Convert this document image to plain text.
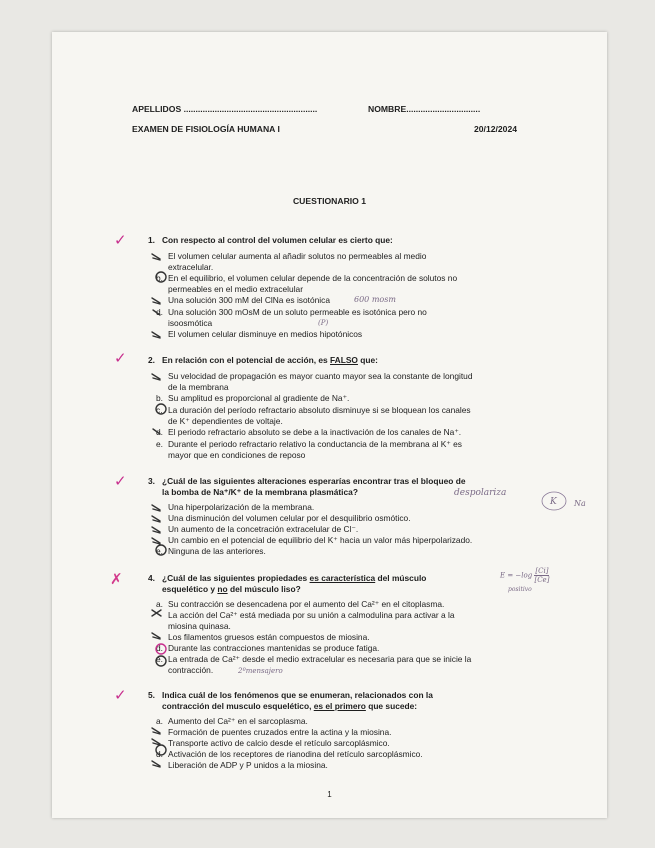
APELLIDOS ........................................................	NOMBRE...............................
EXAMEN DE FISIOLOGÍA HUMANA I	20/12/2024
CUESTIONARIO 1
✓	1. Con respecto al control del volumen celular es cierto que:
El volumen celular aumenta al añadir solutos no permeables al medio
extracelular.
b. En el equilibrio, el volumen celular depende de la concentración de solutos no
permeables en el medio extracelular
Una solución 300 mM del ClNa es isotónica
d. Una solución 300 mOsM de un soluto permeable es isotónica pero no
isoosmótica
El volumen celular disminuye en medios hipotónicos
600 mosm
(P)
✓	2. En relación con el potencial de acción, es FALSO que:
Su velocidad de propagación es mayor cuanto mayor sea la constante de longitud
de la membrana
b. Su amplitud es proporcional al gradiente de Na⁺.
c. La duración del período refractario absoluto disminuye si se bloquean los canales
de K⁺ dependientes de voltaje.
d. El periodo refractario absoluto se debe a la inactivación de los canales de Na⁺.
e. Durante el periodo refractario relativo la conductancia de la membrana al K⁺ es
mayor que en condiciones de reposo
✓	3. ¿Cuál de las siguientes alteraciones esperarías encontrar tras el bloqueo de
la bomba de Na⁺/K⁺ de la membrana plasmática?
Una hiperpolarización de la membrana.
Una disminución del volumen celular por el desquilibrio osmótico.
Un aumento de la concetración extracelular de Cl⁻.
Un cambio en el potencial de equilibrio del K⁺ hacia un valor más hiperpolarizado.
e. Ninguna de las anteriores.
despolariza
K Na
✗	4. ¿Cuál de las siguientes propiedades es característica del músculo
esquelético y no del músculo liso?
a. Su contracción se desencadena por el aumento del Ca²⁺ en el citoplasma.
La acción del Ca²⁺ está mediada por su unión a calmodulina para activar a la
miosina quinasa.
Los filamentos gruesos están compuestos de miosina.
d. Durante las contracciones mantenidas se produce fatiga.
e. La entrada de Ca²⁺ desde el medio extracelular es necesaria para que se inicie la
contracción.
$E = -\log \frac{[Ci]}{[Ce]}$
positivo
2ºmensajero
✓	5. Indica cuál de los fenómenos que se enumeran, relacionados con la
contracción del musculo esquelético, es el primero que sucede:
a. Aumento del Ca²⁺ en el sarcoplasma.
Formación de puentes cruzados entre la actina y la miosina.
Transporte activo de calcio desde el retículo sarcoplásmico.
d. Activación de los receptores de rianodina del retículo sarcoplásmico.
Liberación de ADP y P unidos a la miosina.
1
